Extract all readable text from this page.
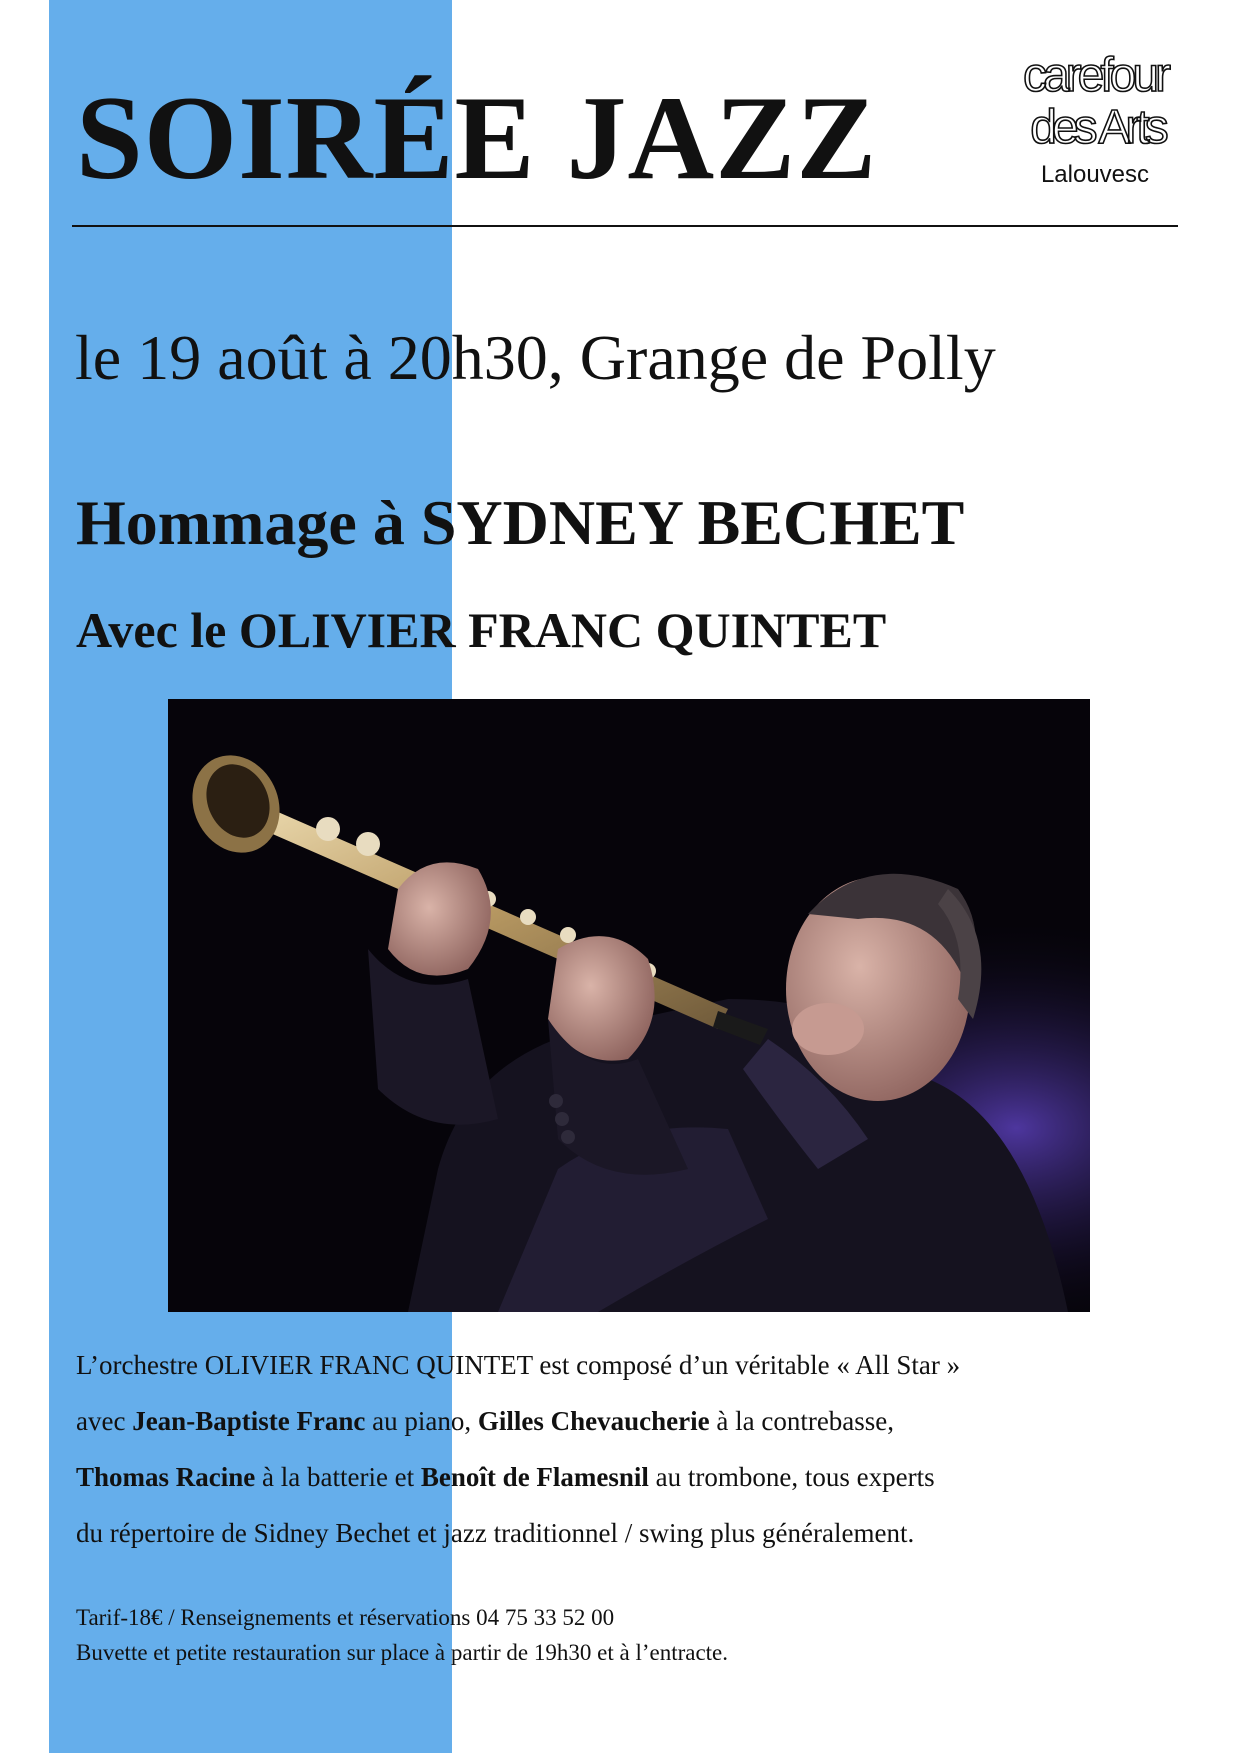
SOIRÉE JAZZ	carefour
des Arts
Lalouvesc
le 19 août à 20h30, Grange de Polly
Hommage à SYDNEY BECHET
Avec le OLIVIER FRANC QUINTET

L’orchestre OLIVIER FRANC QUINTET est composé d’un véritable « All Star »

avec Jean-Baptiste Franc au piano, Gilles Chevaucherie à la contrebasse,

Thomas Racine à la batterie et Benoît de Flamesnil au trombone, tous experts

du répertoire de Sidney Bechet et jazz traditionnel / swing plus généralement.

Tarif-18€ / Renseignements et réservations 04 75 33 52 00

Buvette et petite restauration sur place à partir de 19h30 et à l’entracte.
